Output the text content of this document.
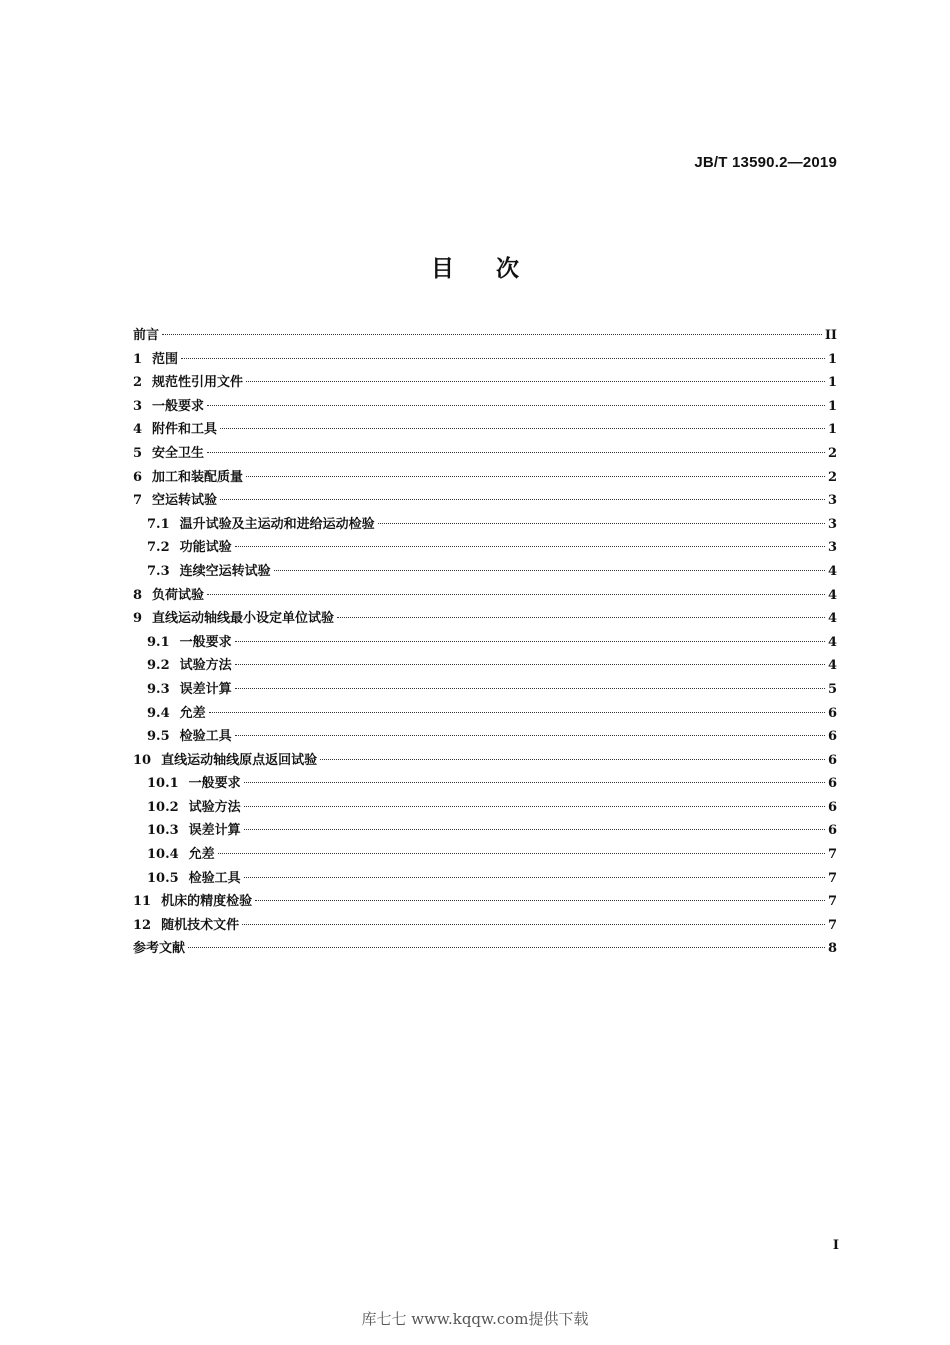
JB/T 13590.2—2019
目次
前言	II
1 范围	1
2 规范性引用文件	1
3 一般要求	1
4 附件和工具	1
5 安全卫生	2
6 加工和装配质量	2
7 空运转试验	3
7.1 温升试验及主运动和进给运动检验	3
7.2 功能试验	3
7.3 连续空运转试验	4
8 负荷试验	4
9 直线运动轴线最小设定单位试验	4
9.1 一般要求	4
9.2 试验方法	4
9.3 误差计算	5
9.4 允差	6
9.5 检验工具	6
10 直线运动轴线原点返回试验	6
10.1 一般要求	6
10.2 试验方法	6
10.3 误差计算	6
10.4 允差	7
10.5 检验工具	7
11 机床的精度检验	7
12 随机技术文件	7
参考文献	8
I
库七七 www.kqqw.com提供下载
